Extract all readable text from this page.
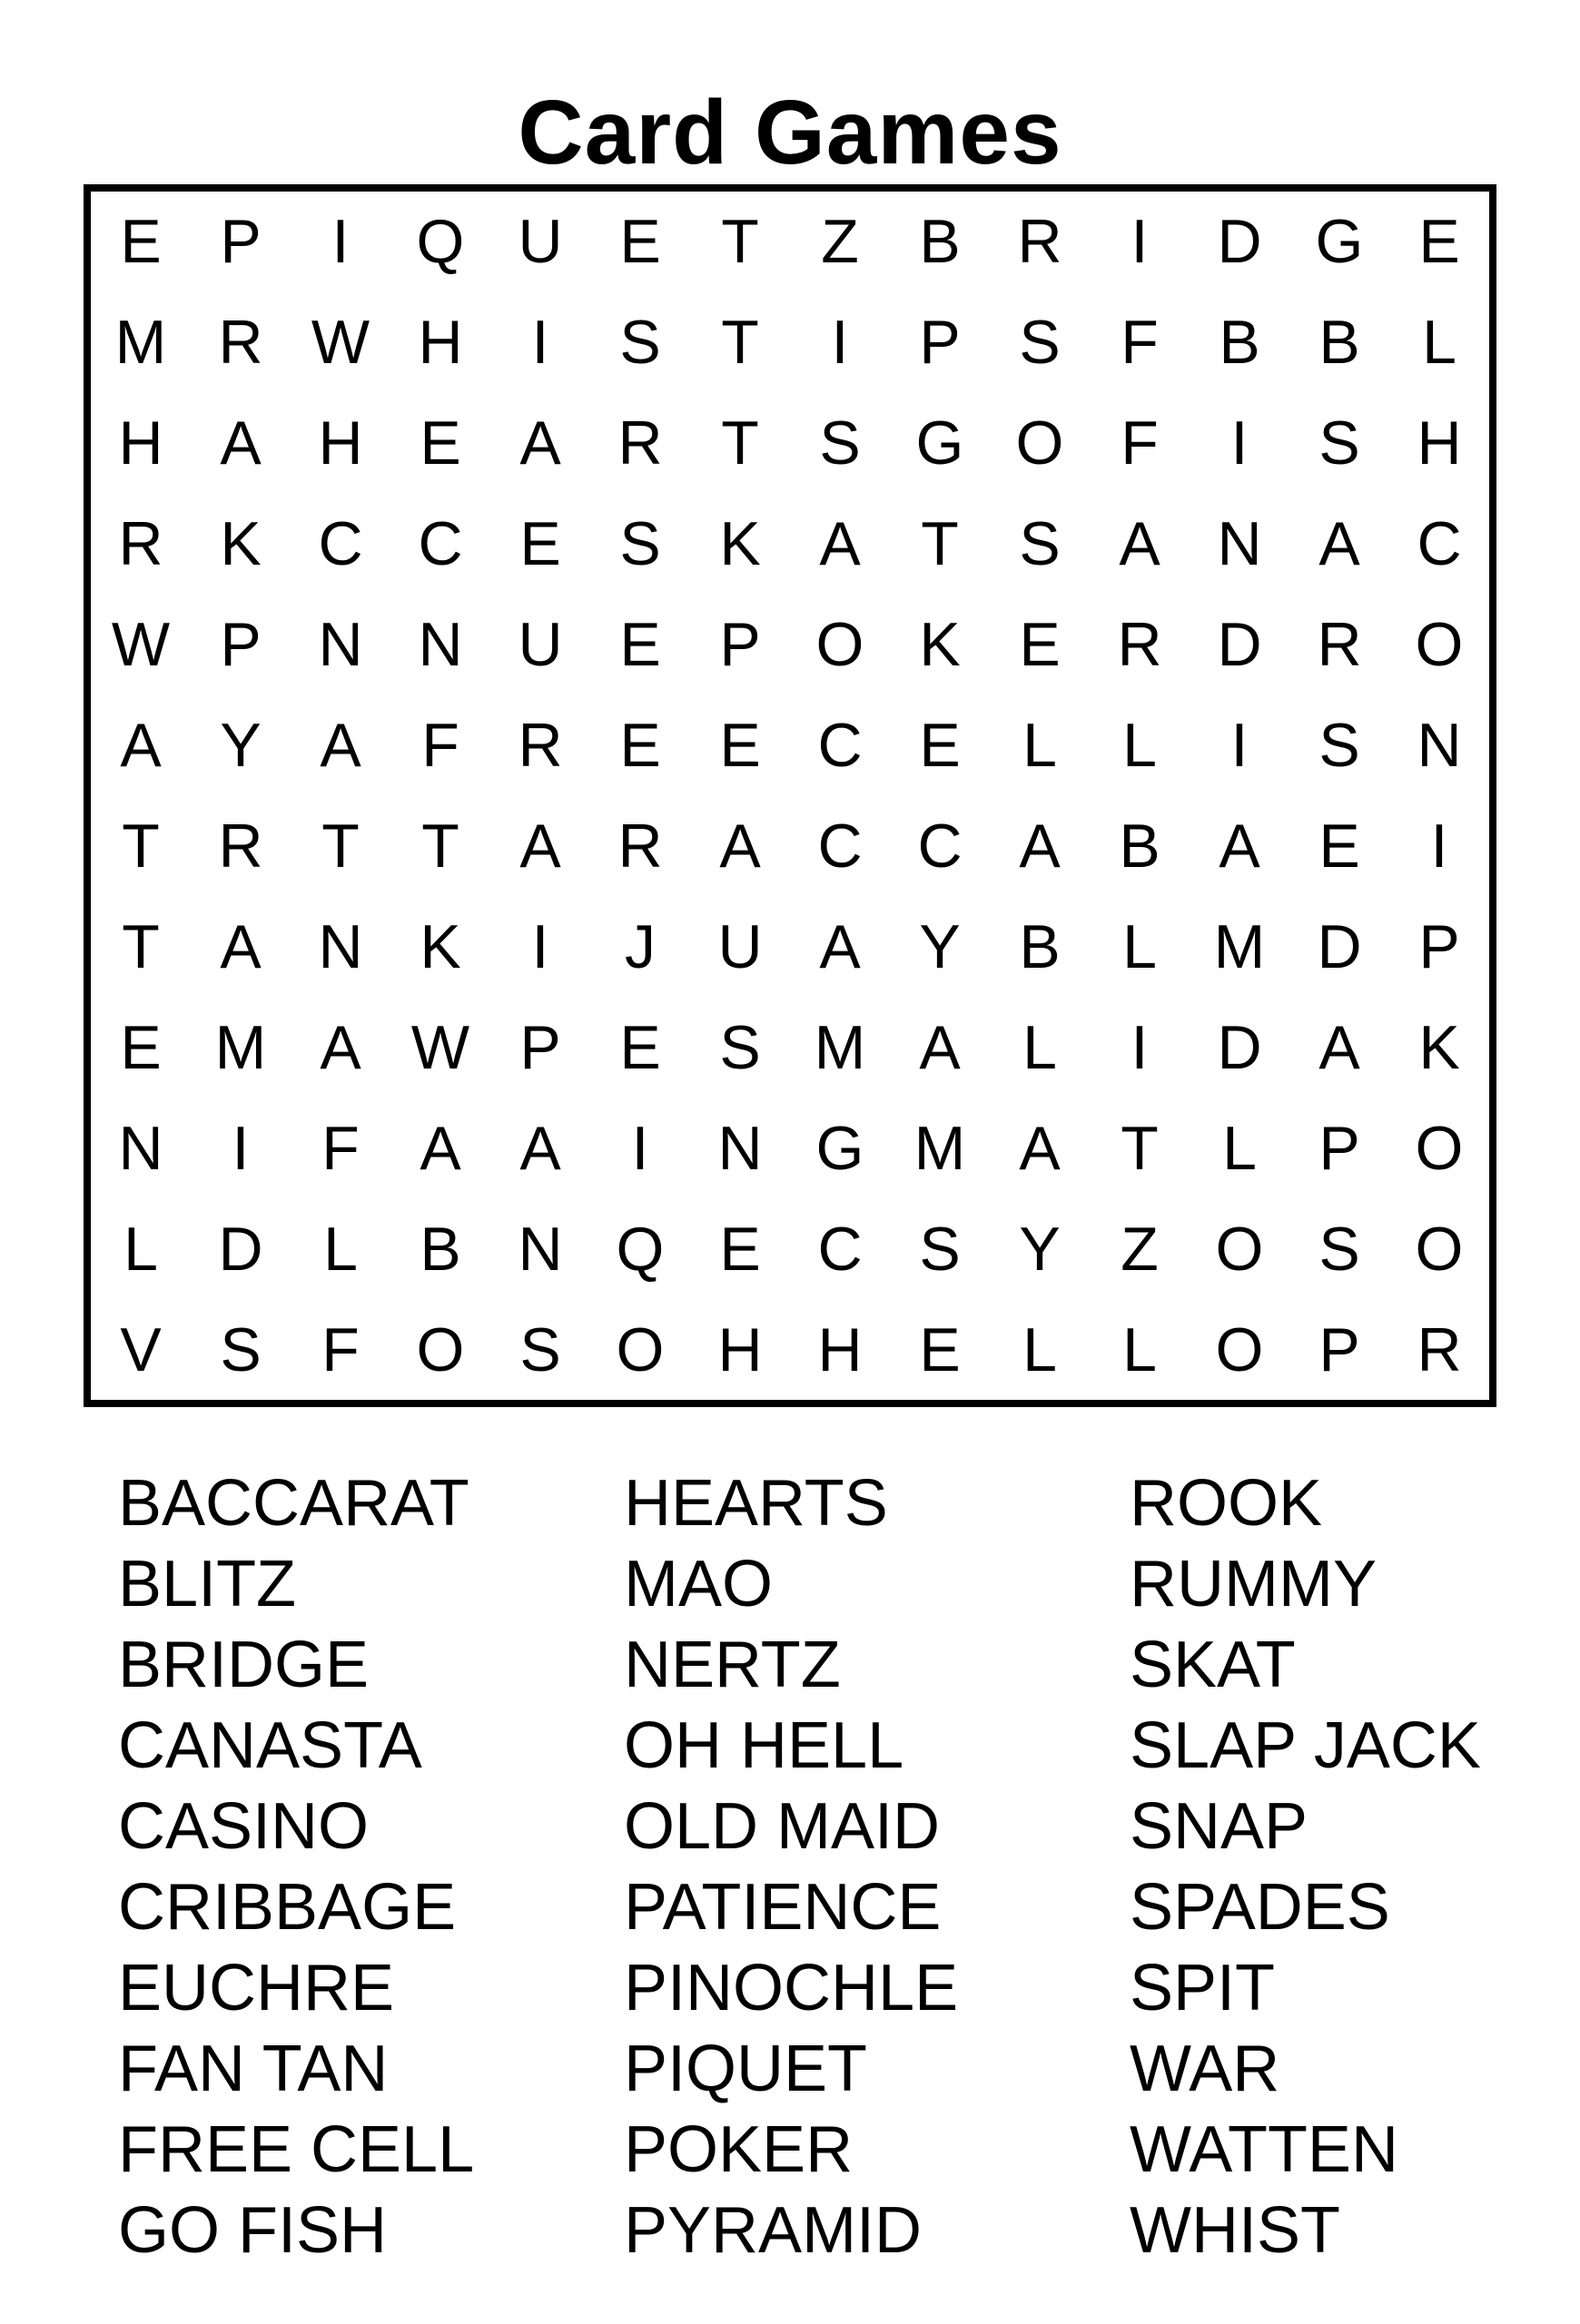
Card Games
E P	I	Q U E T	Z B R	I	D G E
M R W H	I	S T	I	P S F B B	L
H A H E A R T S G O F	I	S H
R K C C E S K A T S A N A C
W P N N U E P O K E R D R O
A Y A F R E E C E	L	L	I	S N
T R T	T A R A C C A B A E	I
T A N K	I	J	U A Y B	L M D P
E M A W P E S M A	L	I	D A K
N	I	F A A	I	N G M A T	L	P O
L D L	B N Q E C S Y Z O S O
V S F O S O H H E	L	L O P R
BACCARAT
BLITZ
BRIDGE
CANASTA
CASINO
CRIBBAGE
EUCHRE
FAN TAN
FREE CELL
GO FISH
HEARTS
MAO
NERTZ
OH HELL
OLD MAID
PATIENCE
PINOCHLE
PIQUET
POKER
PYRAMID
ROOK
RUMMY
SKAT
SLAP JACK
SNAP
SPADES
SPIT
WAR
WATTEN
WHIST
